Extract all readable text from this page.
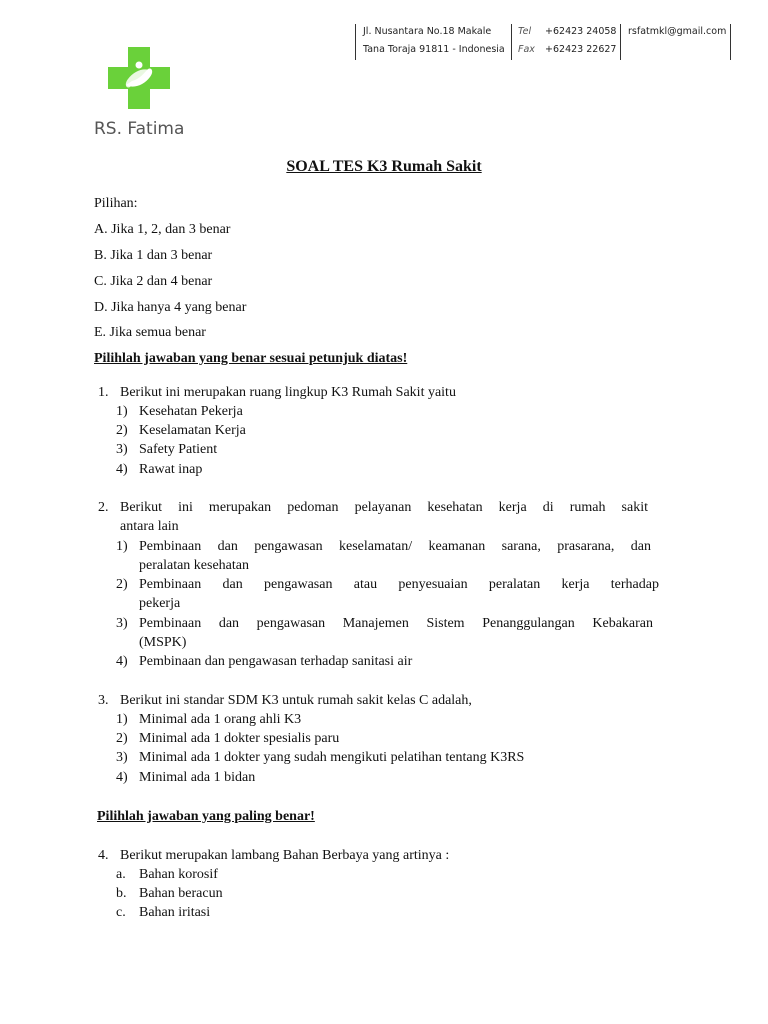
Jl. Nusantara No.18 Makale
Tana Toraja 91811 - Indonesia
Tel +62423 24058
Fax +62423 22627
rsfatmkl@gmail.com
RS. Fatima
SOAL TES K3 Rumah Sakit
Pilihan:
A. Jika 1, 2, dan 3 benar
B. Jika 1 dan 3 benar
C. Jika 2 dan 4 benar
D. Jika hanya 4 yang benar
E. Jika semua benar
Pilihlah jawaban yang benar sesuai petunjuk diatas!
1. Berikut ini merupakan ruang lingkup K3 Rumah Sakit yaitu
1) Kesehatan Pekerja
2) Keselamatan Kerja
3) Safety Patient
4) Rawat inap
2. Berikut ini merupakan pedoman pelayanan kesehatan kerja di rumah sakit
antara lain
1) Pembinaan dan pengawasan keselamatan/ keamanan sarana, prasarana, dan
peralatan kesehatan
2) Pembinaan dan pengawasan atau penyesuaian peralatan kerja terhadap
pekerja
3) Pembinaan dan pengawasan Manajemen Sistem Penanggulangan Kebakaran
(MSPK)
4) Pembinaan dan pengawasan terhadap sanitasi air
3. Berikut ini standar SDM K3 untuk rumah sakit kelas C adalah,
1) Minimal ada 1 orang ahli K3
2) Minimal ada 1 dokter spesialis paru
3) Minimal ada 1 dokter yang sudah mengikuti pelatihan tentang K3RS
4) Minimal ada 1 bidan
Pilihlah jawaban yang paling benar!
4. Berikut merupakan lambang Bahan Berbaya yang artinya :
a. Bahan korosif
b. Bahan beracun
c. Bahan iritasi
